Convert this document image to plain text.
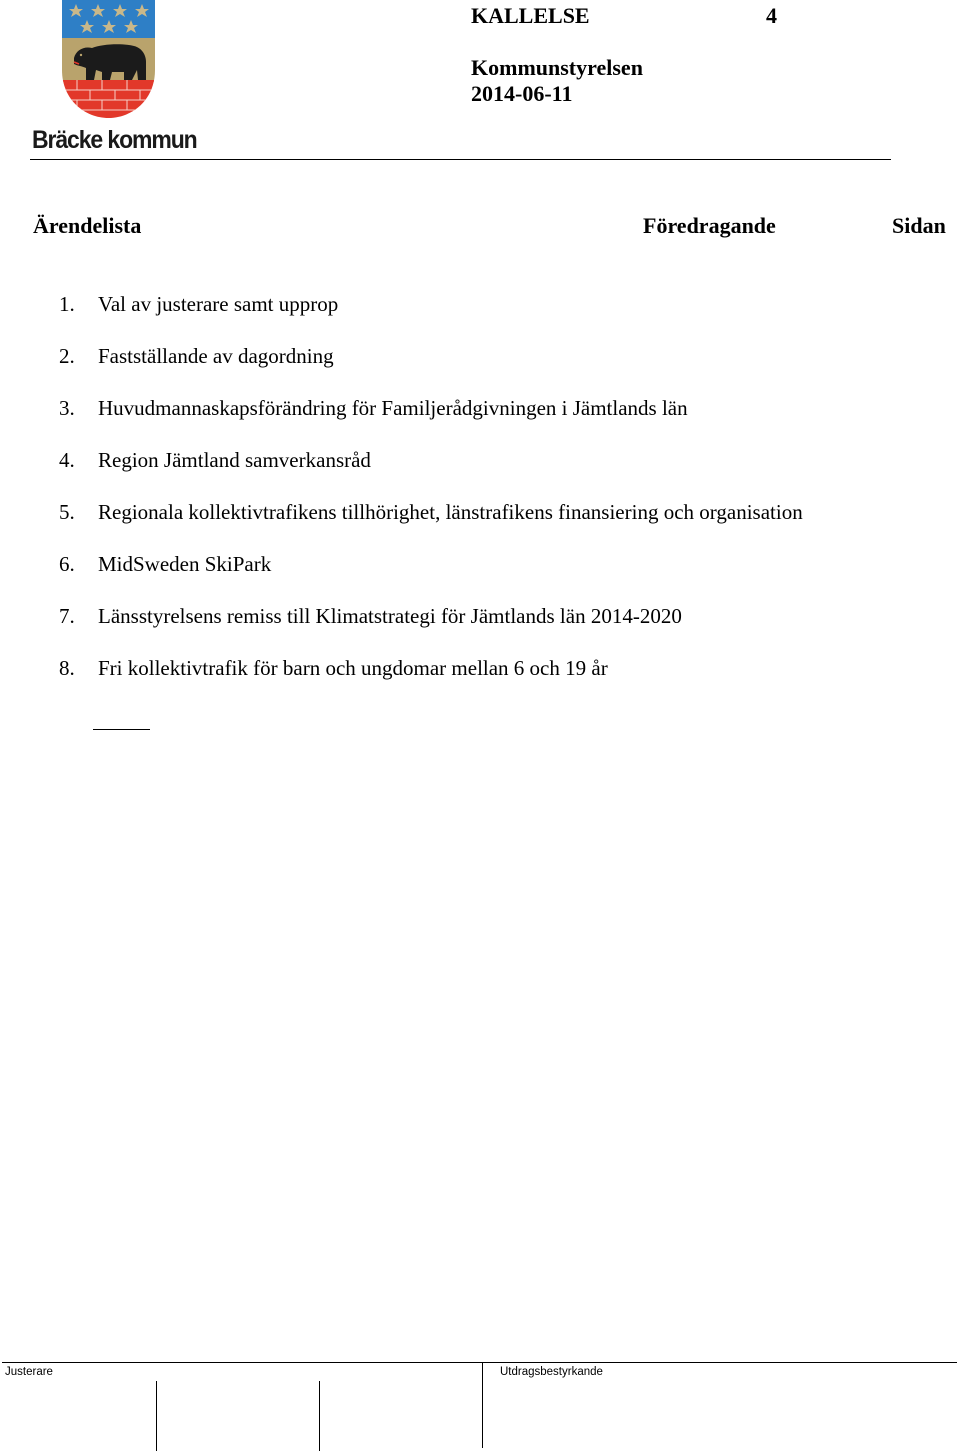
Bräcke kommun
KALLELSE	4
Kommunstyrelsen
2014-06-11
Ärendelista	Föredragande	Sidan
1. Val av justerare samt upprop
2. Fastställande av dagordning
3. Huvudmannaskapsförändring för Familjerådgivningen i Jämtlands län
4. Region Jämtland samverkansråd
5. Regionala kollektivtrafikens tillhörighet, länstrafikens finansiering och organisation
6. MidSweden SkiPark
7. Länsstyrelsens remiss till Klimatstrategi för Jämtlands län 2014-2020
8. Fri kollektivtrafik för barn och ungdomar mellan 6 och 19 år
Justerare	Utdragsbestyrkande
